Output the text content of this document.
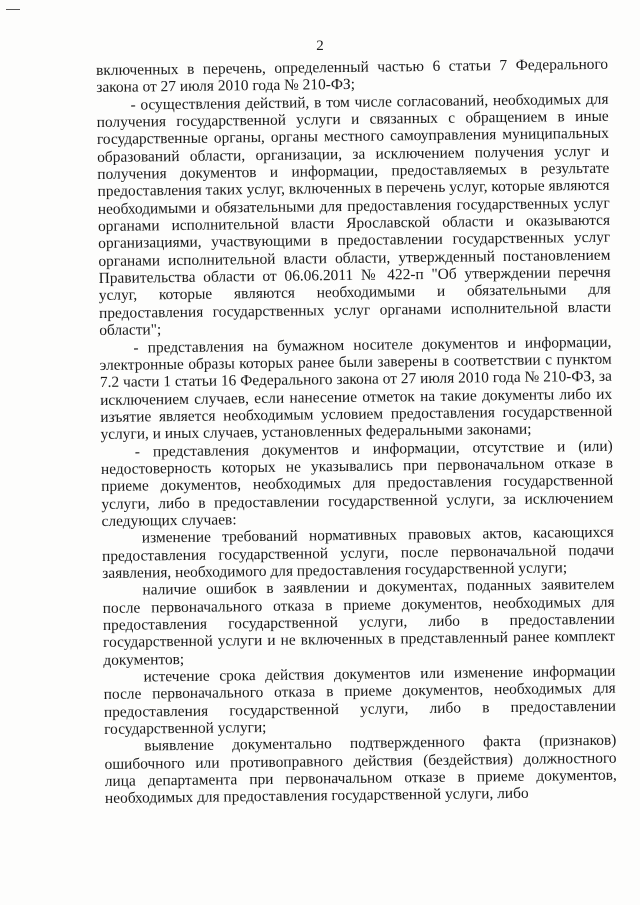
2

включенных в перечень, определенный частью 6 статьи 7 Федерального закона от 27 июля 2010 года № 210-ФЗ;

- осуществления действий, в том числе согласований, необходимых для получения государственной услуги и связанных с обращением в иные государственные органы, органы местного самоуправления муниципальных образований области, организации, за исключением получения услуг и получения документов и информации, предоставляемых в результате предоставления таких услуг, включенных в перечень услуг, которые являются необходимыми и обязательными для предоставления государственных услуг органами исполнительной власти Ярославской области и оказываются организациями, участвующими в предоставлении государственных услуг органами исполнительной власти области, утвержденный постановлением Правительства области от 06.06.2011 № 422-п "Об утверждении перечня услуг, которые являются необходимыми и обязательными для предоставления государственных услуг органами исполнительной власти области";

- представления на бумажном носителе документов и информации, электронные образы которых ранее были заверены в соответствии с пунктом 7.2 части 1 статьи 16 Федерального закона от 27 июля 2010 года № 210-ФЗ, за исключением случаев, если нанесение отметок на такие документы либо их изъятие является необходимым условием предоставления государственной услуги, и иных случаев, установленных федеральными законами;

- представления документов и информации, отсутствие и (или) недостоверность которых не указывались при первоначальном отказе в приеме документов, необходимых для предоставления государственной услуги, либо в предоставлении государственной услуги, за исключением следующих случаев:

изменение требований нормативных правовых актов, касающихся предоставления государственной услуги, после первоначальной подачи заявления, необходимого для предоставления государственной услуги;

наличие ошибок в заявлении и документах, поданных заявителем после первоначального отказа в приеме документов, необходимых для предоставления государственной услуги, либо в предоставлении государственной услуги и не включенных в представленный ранее комплект документов;

истечение срока действия документов или изменение информации после первоначального отказа в приеме документов, необходимых для предоставления государственной услуги, либо в предоставлении государственной услуги;

выявление документально подтвержденного факта (признаков) ошибочного или противоправного действия (бездействия) должностного лица департамента при первоначальном отказе в приеме документов, необходимых для предоставления государственной услуги, либо
